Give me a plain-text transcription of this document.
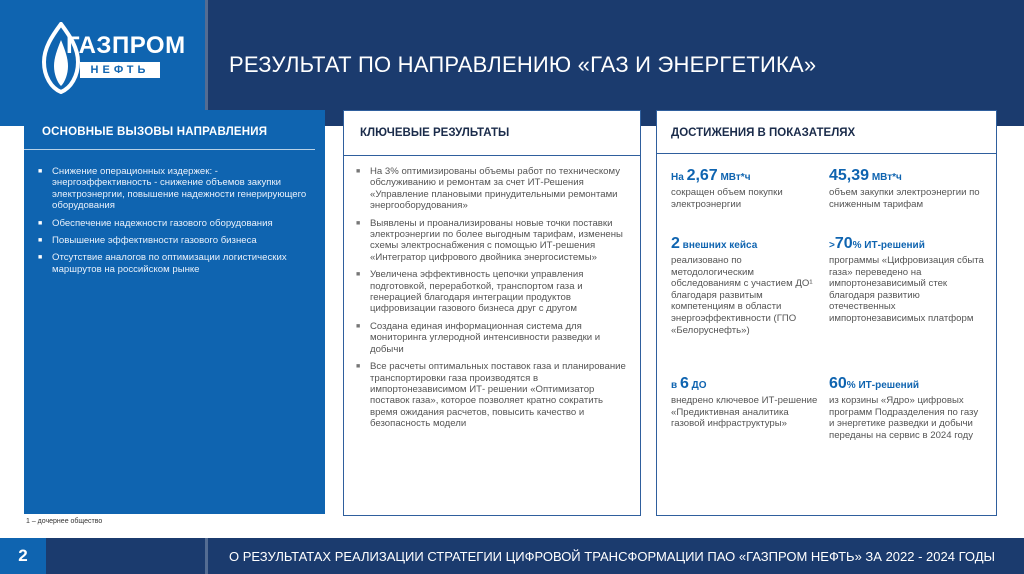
ГАЗПРОМ
НЕФТЬ	РЕЗУЛЬТАТ ПО НАПРАВЛЕНИЮ «ГАЗ И ЭНЕРГЕТИКА»
ОСНОВНЫЕ ВЫЗОВЫ НАПРАВЛЕНИЯ
■ Снижение операционных издержек: - энергоэффективность - снижение объемов закупки электроэнергии, повышение надежности генерирующего оборудования
■ Обеспечение надежности газового оборудования
■ Повышение эффективности газового бизнеса
■ Отсутствие аналогов по оптимизации логистических маршрутов на российском рынке
КЛЮЧЕВЫЕ РЕЗУЛЬТАТЫ
■ На 3% оптимизированы объемы работ по техническому обслуживанию и ремонтам за счет ИТ-Решения «Управление плановыми принудительными ремонтами энергооборудования»
■ Выявлены и проанализированы новые точки поставки электроэнергии по более выгодным тарифам, изменены схемы электроснабжения с помощью ИТ-решения «Интегратор цифрового двойника энергосистемы»
■ Увеличена эффективность цепочки управления подготовкой, переработкой, транспортом газа и генерацией благодаря интеграции продуктов цифровизации газового бизнеса друг с другом
■ Создана единая информационная система для мониторинга углеродной интенсивности разведки и добычи
■ Все расчеты оптимальных поставок газа и планирование транспортировки газа производятся в импортонезависимом ИТ- решении «Оптимизатор поставок газа», которое позволяет кратно сократить время ожидания расчетов, повысить качество и безопасность модели
ДОСТИЖЕНИЯ В ПОКАЗАТЕЛЯХ
На 2,67 МВт*ч
сокращен объем покупки электроэнергии
45,39 МВт*ч
объем закупки электроэнергии по сниженным тарифам
2 внешних кейса
реализовано по методологическим обследованиям с участием ДО¹ благодаря развитым компетенциям в области энергоэффективности (ГПО «Белоруснефть»)
>70% ИТ-решений
программы «Цифровизация сбыта газа» переведено на импортонезависимый стек благодаря развитию отечественных импортонезависимых платформ
в 6 ДО
внедрено ключевое ИТ-решение «Предиктивная аналитика газовой инфраструктуры»
60% ИТ-решений
из корзины «Ядро» цифровых программ Подразделения по газу и энергетике разведки и добычи переданы на сервис в 2024 году
1 – дочернее общество
2	О РЕЗУЛЬТАТАХ РЕАЛИЗАЦИИ СТРАТЕГИИ ЦИФРОВОЙ ТРАНСФОРМАЦИИ ПАО «ГАЗПРОМ НЕФТЬ» ЗА 2022 - 2024 ГОДЫ
